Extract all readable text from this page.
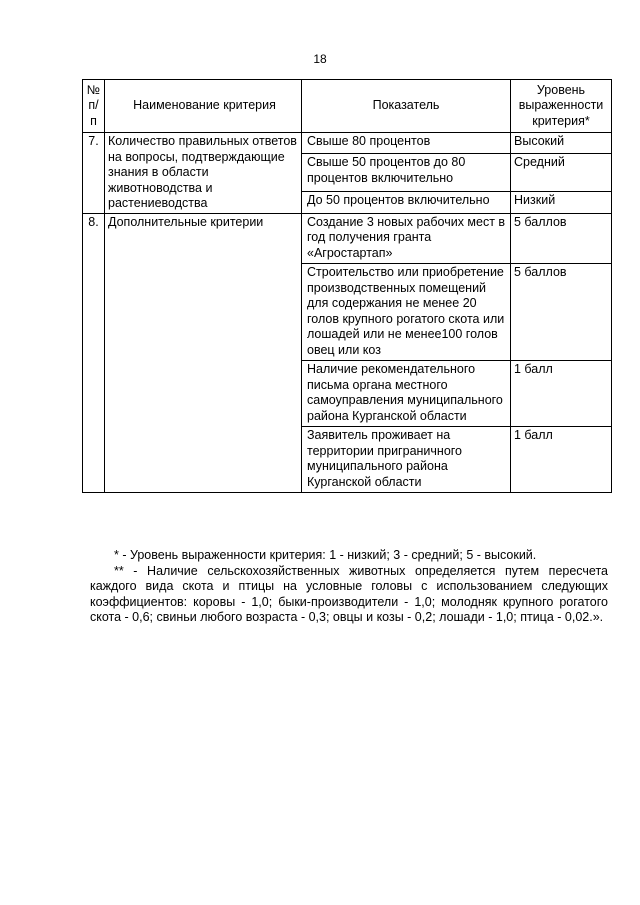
18
№ п/п	Наименование критерия	Показатель	Уровень выраженности критерия*
7.	Количество правильных ответов на вопросы, подтверждающие знания в области животноводства и растениеводства	Свыше 80 процентов	Высокий
		Свыше 50 процентов до 80 процентов включительно	Средний
		До 50 процентов включительно	Низкий
8.	Дополнительные критерии	Создание 3 новых рабочих мест в год получения гранта «Агростартап»	5 баллов
		Строительство или приобретение производственных помещений для содержания не менее 20 голов крупного рогатого скота или лошадей или не менее100 голов овец или коз	5 баллов
		Наличие рекомендательного письма органа местного самоуправления муниципального района Курганской области	1 балл
		Заявитель проживает на территории приграничного муниципального района Курганской области	1 балл

* - Уровень выраженности критерия: 1 - низкий; 3 - средний; 5 - высокий.

** - Наличие сельскохозяйственных животных определяется путем пересчета каждого вида скота и птицы на условные головы с использованием следующих коэффициентов: коровы - 1,0; быки-производители - 1,0; молодняк крупного рогатого скота - 0,6; свиньи любого возраста - 0,3; овцы и козы - 0,2; лошади - 1,0; птица - 0,02.».
